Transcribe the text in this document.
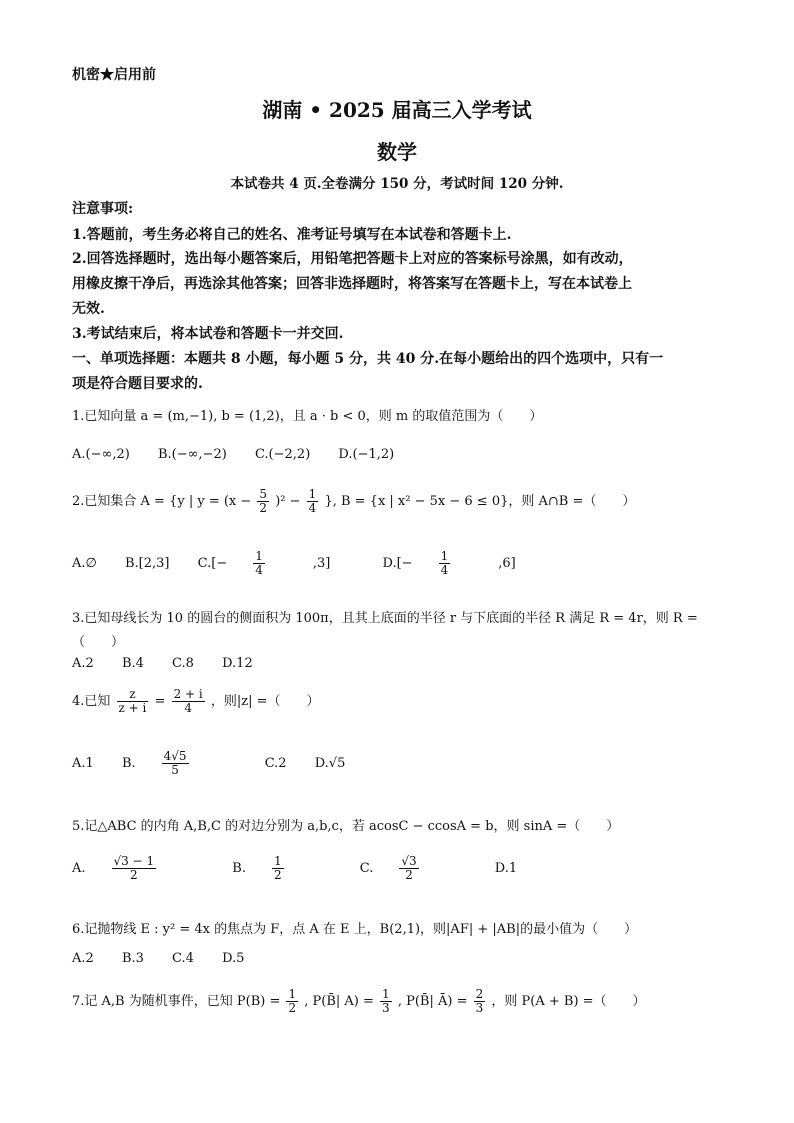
机密★启用前
湖南 • 2025 届高三入学考试
数学
本试卷共 4 页.全卷满分 150 分，考试时间 120 分钟.
注意事项:
1.答题前，考生务必将自己的姓名、准考证号填写在本试卷和答题卡上.
2.回答选择题时，选出每小题答案后，用铅笔把答题卡上对应的答案标号涂黑，如有改动，
用橡皮擦干净后，再选涂其他答案；回答非选择题时，将答案写在答题卡上，写在本试卷上
无效.
3.考试结束后，将本试卷和答题卡一并交回.
一、单项选择题：本题共 8 小题，每小题 5 分，共 40 分.在每小题给出的四个选项中，只有一
项是符合题目要求的.
1.已知向量 a = (m,−1), b = (1,2)，且 a · b < 0，则 m 的取值范围为（　　）
A.(−∞,2) B.(−∞,−2) C.(−2,2) D.(−1,2)
2.已知集合 A = {y | $y = (x - \frac{5}{2} )^2 - \frac{1}{4}$ }, B = {x | x² − 5x − 6 ≤ 0}，则 A∩B =（　　）
A.∅ B.[2,3] $C.[- \frac{1}{4} ,3]$	$D.[- \frac{1}{4} ,6]$
3.已知母线长为 10 的圆台的侧面积为 100π，且其上底面的半径 r 与下底面的半径 R 满足 R = 4r，则 R =
（　　）
A.2 B.4 C.8 D.12
4.已知 $\frac{z}{z + i} = \frac{2 + i}{4}$ ，则|z| =（　　）
A.1 B. $\frac{4√5}{5}$	C.2 D.√5
5.记△ABC 的内角 A,B,C 的对边分别为 a,b,c，若 acosC − ccosA = b，则 sinA =（　　）
A. $\frac{√3 - 1}{2}$	B. $\frac{1}{2}$	C. $\frac{√3}{2}$	D.1
6.记抛物线 E : y² = 4x 的焦点为 F，点 A 在 E 上，B(2,1)，则|AF| + |AB|的最小值为（　　）
A.2 B.3 C.4 D.5
7.记 A,B 为随机事件，已知 $P(B) = \frac{1}{2}$ , P(B̄| $A) = \frac{1}{3}$ , P(B̄| Ā) = $\frac{2}{3}$ ，则 P(A + B) =（　　）
